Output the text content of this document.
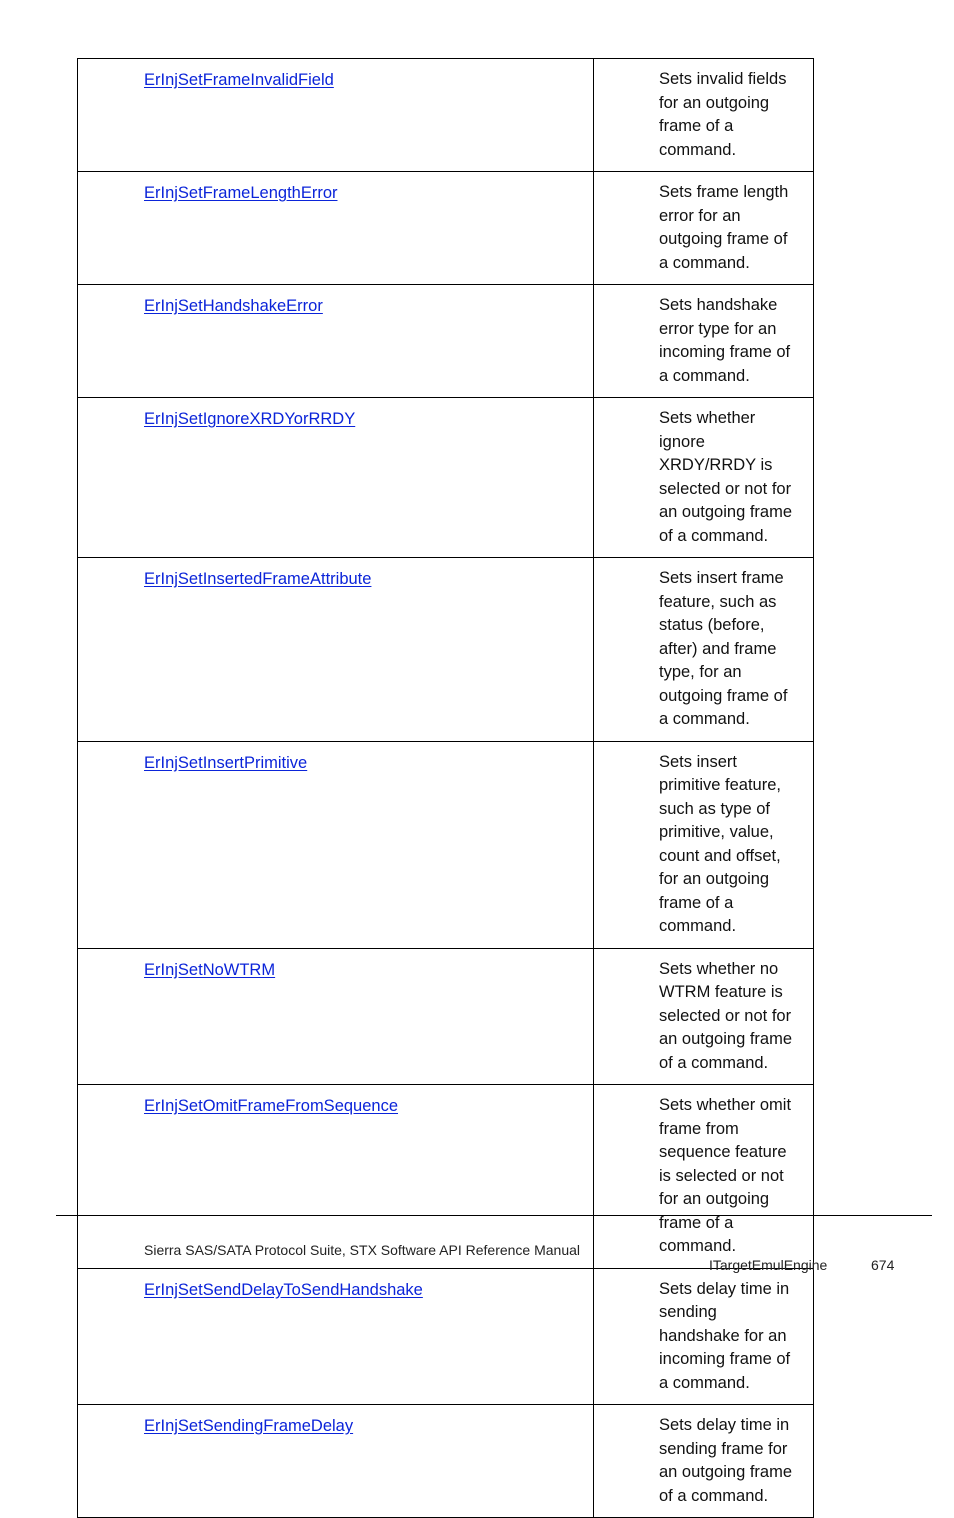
ErInjSetFrameInvalidField	Sets invalid fields for an outgoing frame of a command.
ErInjSetFrameLengthError	Sets frame length error for an outgoing frame of a command.
ErInjSetHandshakeError	Sets handshake error type for an incoming frame of a command.
ErInjSetIgnoreXRDYorRRDY	Sets whether ignore XRDY/RRDY is selected or not for an outgoing frame of a command.
ErInjSetInsertedFrameAttribute	Sets insert frame feature, such as status (before, after) and frame type, for an outgoing frame of a command.
ErInjSetInsertPrimitive	Sets insert primitive feature, such as type of primitive, value, count and offset, for an outgoing frame of a command.
ErInjSetNoWTRM	Sets whether no WTRM feature is selected or not for an outgoing frame of a command.
ErInjSetOmitFrameFromSequence	Sets whether omit frame from sequence feature is selected or not for an outgoing frame of a command.
ErInjSetSendDelayToSendHandshake	Sets delay time in sending handshake for an incoming frame of a command.
ErInjSetSendingFrameDelay	Sets delay time in sending frame for an outgoing frame of a command.
Sierra SAS/SATA Protocol Suite, STX Software API Reference Manual
ITargetEmulEngine	674
